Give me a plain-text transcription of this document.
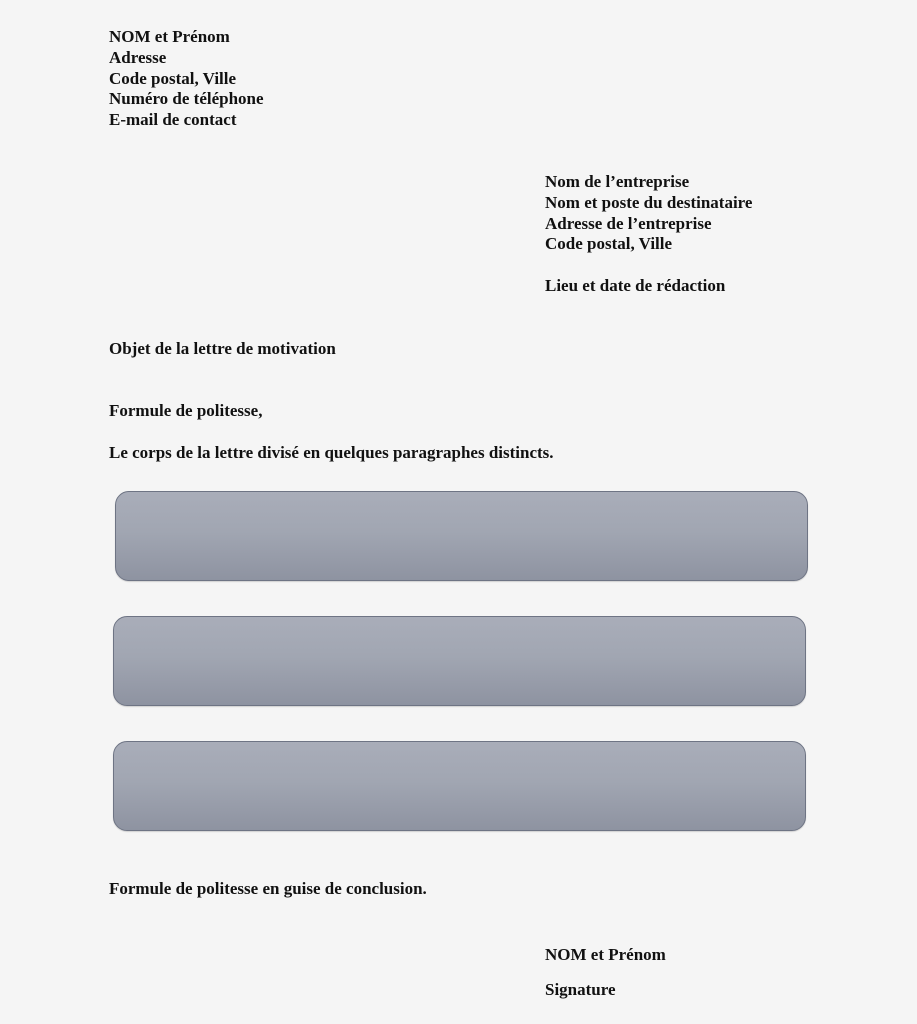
NOM et Prénom
Adresse
Code postal, Ville
Numéro de téléphone
E-mail de contact
Nom de l’entreprise
Nom et poste du destinataire
Adresse de l’entreprise
Code postal, Ville
Lieu et date de rédaction
Objet de la lettre de motivation
Formule de politesse,
Le corps de la lettre divisé en quelques paragraphes distincts.
Formule de politesse en guise de conclusion.
NOM et Prénom
Signature
